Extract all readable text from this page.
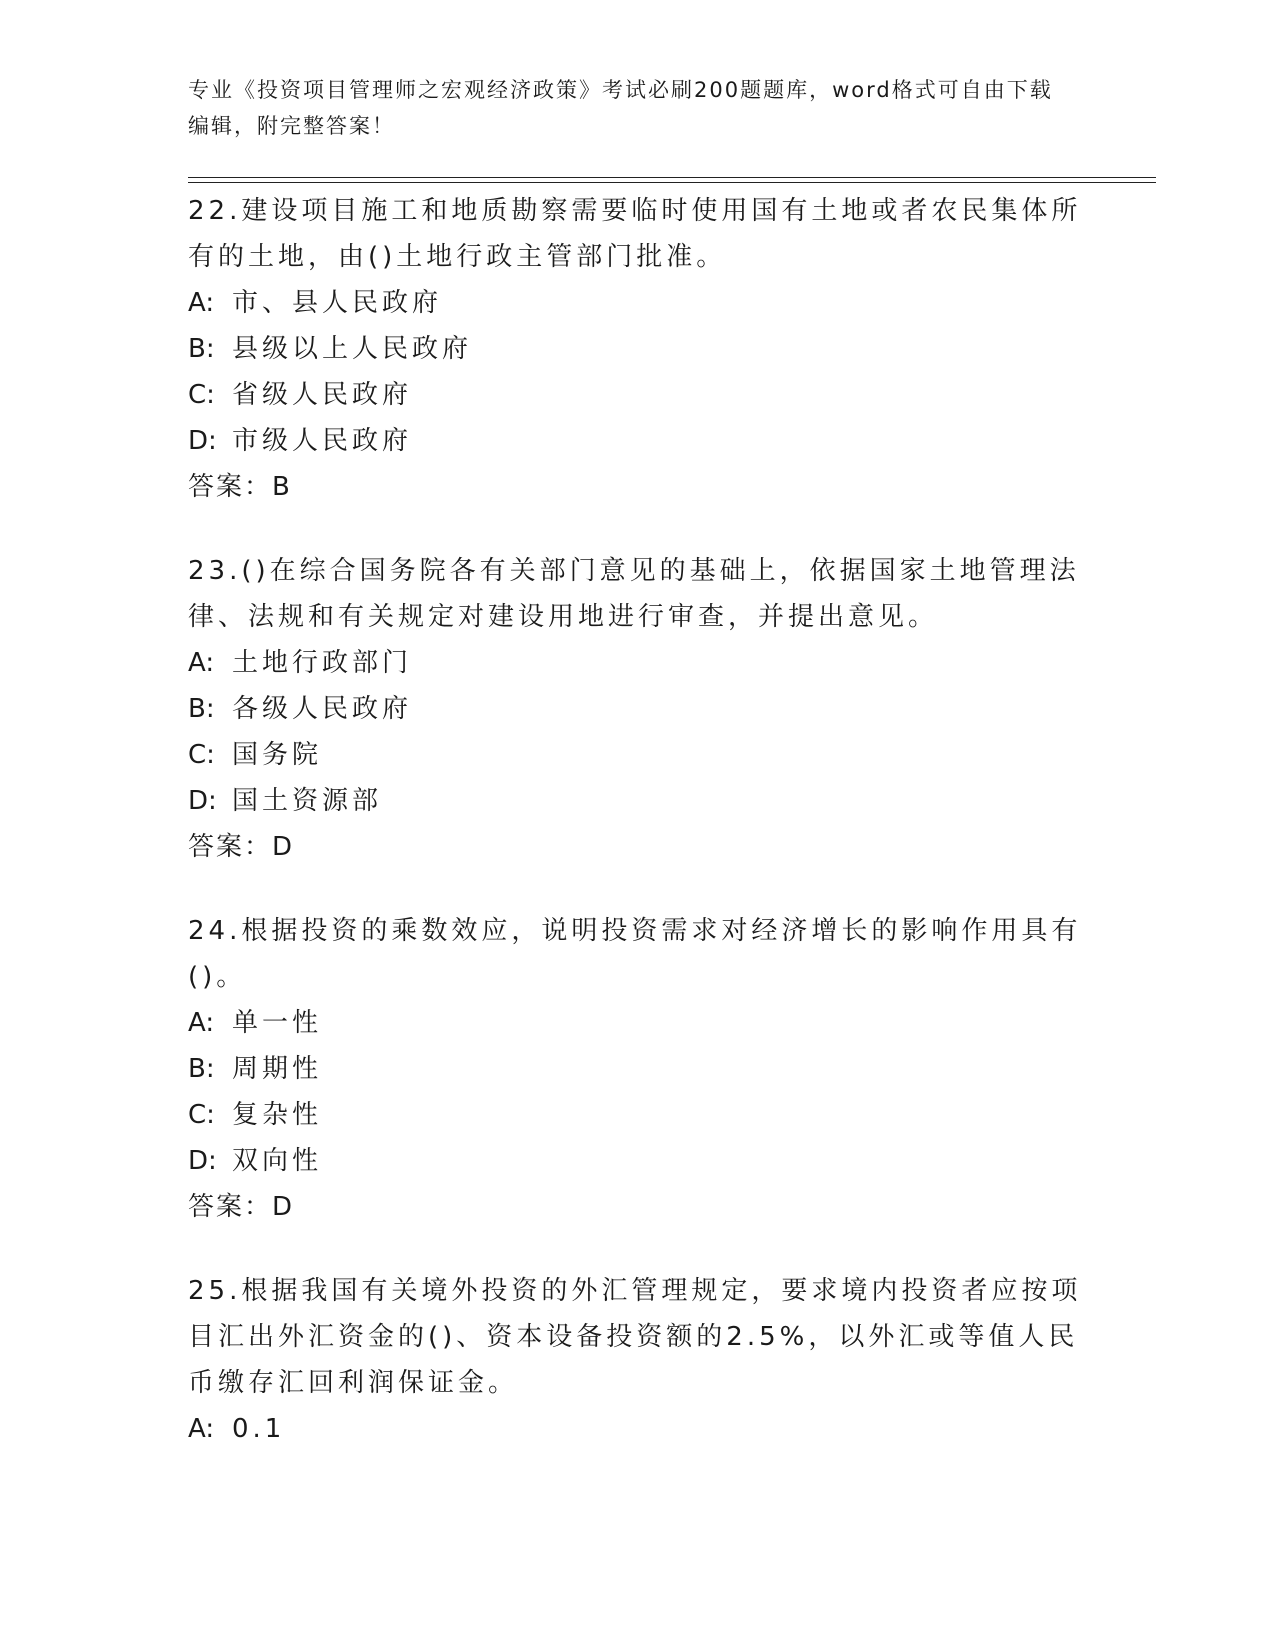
专业《投资项目管理师之宏观经济政策》考试必刷200题题库，word格式可自由下载编辑，附完整答案！

22.建设项目施工和地质勘察需要临时使用国有土地或者农民集体所有的土地，由()土地行政主管部门批准。

A: 市、县人民政府

B: 县级以上人民政府

C: 省级人民政府

D: 市级人民政府

答案：B

23.()在综合国务院各有关部门意见的基础上，依据国家土地管理法律、法规和有关规定对建设用地进行审查，并提出意见。

A: 土地行政部门

B: 各级人民政府

C: 国务院

D: 国土资源部

答案：D

24.根据投资的乘数效应，说明投资需求对经济增长的影响作用具有()。

A: 单一性

B: 周期性

C: 复杂性

D: 双向性

答案：D

25.根据我国有关境外投资的外汇管理规定，要求境内投资者应按项目汇出外汇资金的()、资本设备投资额的2.5%，以外汇或等值人民币缴存汇回利润保证金。

A: 0.1
